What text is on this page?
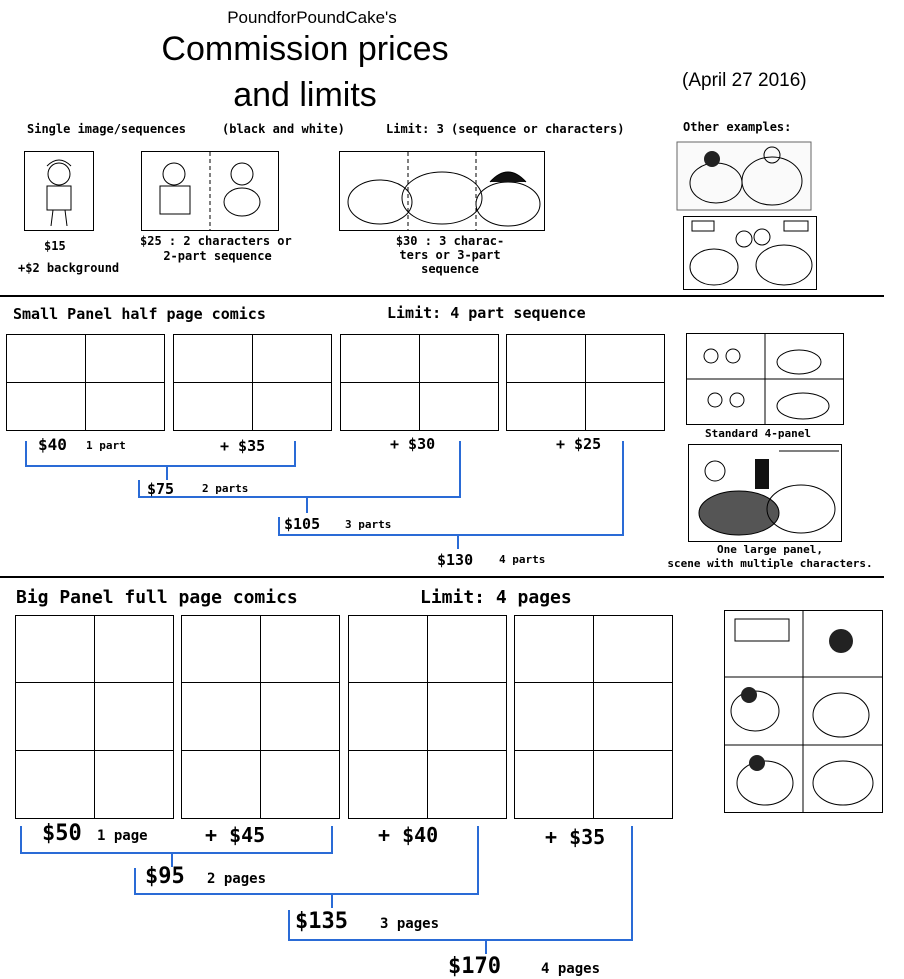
PoundforPoundCake's
Commission prices
and limits	(April 27 2016)
Single image/sequences	(black and white)	Limit: 3 (sequence or characters)	Other examples:
$15
+$2 background
$25 : 2 characters or
2-part sequence
$30 : 3 charac-
ters or 3-part
sequence
Small Panel half page comics	Limit: 4 part sequence
$40 1 part	+ $35	+ $30	+ $25
$75	2 parts
$105 3 parts
$130 4 parts
Standard 4-panel
One large panel,
scene with multiple characters.
Big Panel full page comics	Limit: 4 pages
$50 1 page	+ $45	+ $40	+ $35
$95 2 pages
$135 3 pages
$170	4 pages
